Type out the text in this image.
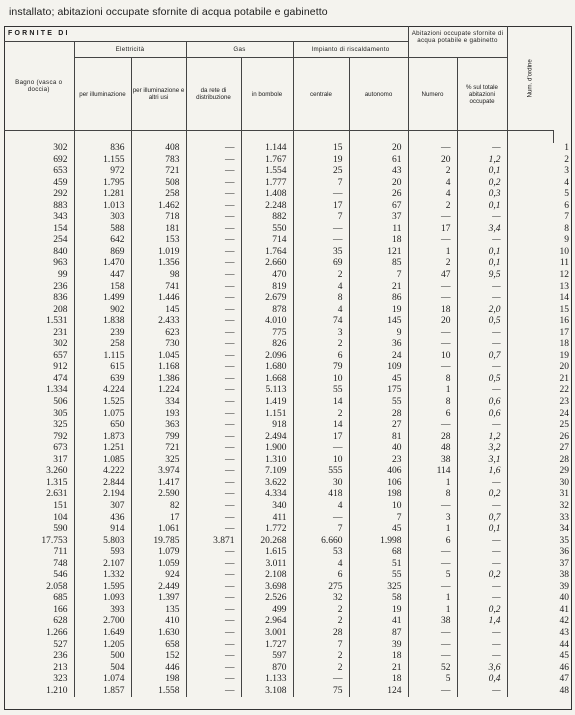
installato; abitazioni occupate sfornite di acqua potabile e gabinetto
FORNITE DI							Abitazioni occupate sfornite di acqua potabile e gabinetto		Num. d'ordine	
Bagno (vasca o doccia)	Elettricità		Gas		Impianto di riscaldamento					
	per illuminazione	per illuminazione e altri usi	da rete di distribuzione	in bombole	centrale	autonomo	Numero	% sul totale abitazioni occupate		

302	836	408	—	1.144	15	20	—	—	1	
692	1.155	783	—	1.767	19	61	20	1,2	2	
653	972	721	—	1.554	25	43	2	0,1	3	
459	1.795	508	—	1.777	7	20	4	0,2	4	
292	1.281	258	—	1.408	—	26	4	0,3	5	
883	1.013	1.462	—	2.248	17	67	2	0,1	6	
343	303	718	—	882	7	37	—	—	7	
154	588	181	—	550	—	11	17	3,4	8	
254	642	153	—	714	—	18	—	—	9	
840	869	1.019	—	1.764	35	121	1	0,1	10	
963	1.470	1.356	—	2.660	69	85	2	0,1	11	
99	447	98	—	470	2	7	47	9,5	12	
236	158	741	—	819	4	21	—	—	13	
836	1.499	1.446	—	2.679	8	86	—	—	14	
208	902	145	—	878	4	19	18	2,0	15	
1.531	1.838	2.433	—	4.010	74	145	20	0,5	16	
231	239	623	—	775	3	9	—	—	17	
302	258	730	—	826	2	36	—	—	18	
657	1.115	1.045	—	2.096	6	24	10	0,7	19	
912	615	1.168	—	1.680	79	109	—	—	20	
474	639	1.386	—	1.668	10	45	8	0,5	21	
1.334	4.224	1.224	—	5.113	55	175	1	—	22	
506	1.525	334	—	1.419	14	55	8	0,6	23	
305	1.075	193	—	1.151	2	28	6	0,6	24	
325	650	363	—	918	14	27	—	—	25	
792	1.873	799	—	2.494	17	81	28	1,2	26	
673	1.251	721	—	1.900	—	40	48	3,2	27	
317	1.085	325	—	1.310	10	23	38	3,1	28	
3.260	4.222	3.974	—	7.109	555	406	114	1,6	29	
1.315	2.844	1.417	—	3.622	30	106	1	—	30	
2.631	2.194	2.590	—	4.334	418	198	8	0,2	31	
151	307	82	—	340	4	10	—	—	32	
104	436	17	—	411	—	7	3	0,7	33	
590	914	1.061	—	1.772	7	45	1	0,1	34	
17.753	5.803	19.785	3.871	20.268	6.660	1.998	6	—	35	
711	593	1.079	—	1.615	53	68	—	—	36	
748	2.107	1.059	—	3.011	4	51	—	—	37	
546	1.332	924	—	2.108	6	55	5	0,2	38	
2.058	1.595	2.449	—	3.698	275	325	—	—	39	
685	1.093	1.397	—	2.526	32	58	1	—	40	
166	393	135	—	499	2	19	1	0,2	41	
628	2.700	410	—	2.964	2	41	38	1,4	42	
1.266	1.649	1.630	—	3.001	28	87	—	—	43	
527	1.205	658	—	1.727	7	39	—	—	44	
236	500	152	—	597	2	18	—	—	45	
213	504	446	—	870	2	21	52	3,6	46	
323	1.074	198	—	1.133	—	18	5	0,4	47	
1.210	1.857	1.558	—	3.108	75	124	—	—	48	
